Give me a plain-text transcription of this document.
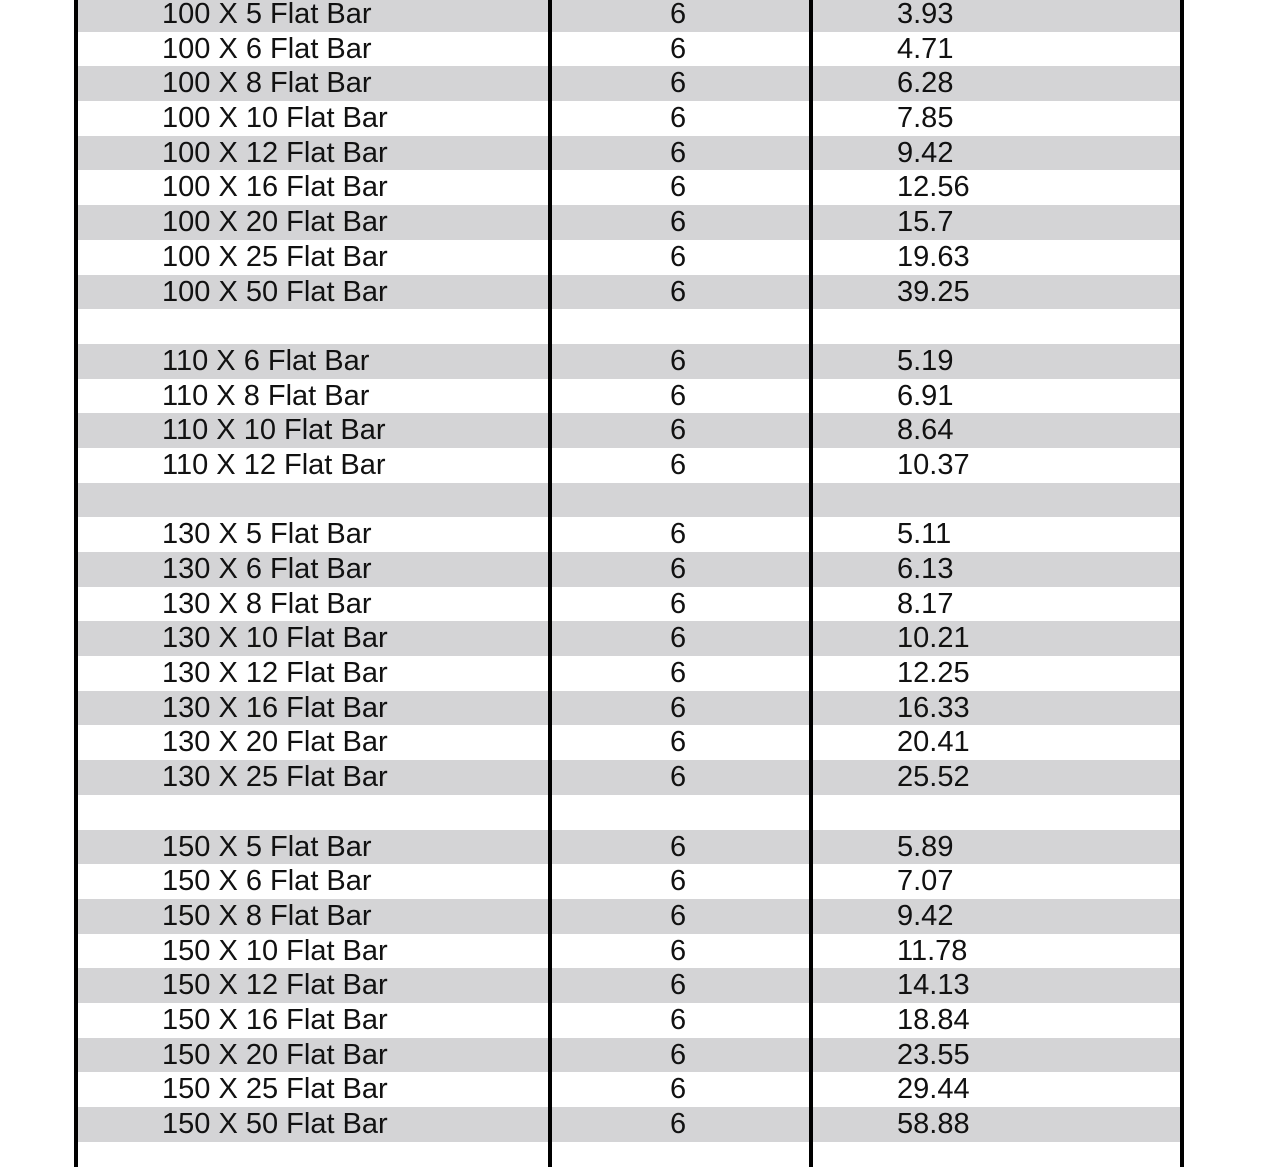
100 X 5 Flat Bar	6	3.93
100 X 6 Flat Bar	6	4.71
100 X 8 Flat Bar	6	6.28
100 X 10 Flat Bar	6	7.85
100 X 12 Flat Bar	6	9.42
100 X 16 Flat Bar	6	12.56
100 X 20 Flat Bar	6	15.7
100 X 25 Flat Bar	6	19.63
100 X 50 Flat Bar	6	39.25
110 X 6 Flat Bar	6	5.19
110 X 8 Flat Bar	6	6.91
110 X 10 Flat Bar	6	8.64
110 X 12 Flat Bar	6	10.37
130 X 5 Flat Bar	6	5.11
130 X 6 Flat Bar	6	6.13
130 X 8 Flat Bar	6	8.17
130 X 10 Flat Bar	6	10.21
130 X 12 Flat Bar	6	12.25
130 X 16 Flat Bar	6	16.33
130 X 20 Flat Bar	6	20.41
130 X 25 Flat Bar	6	25.52
150 X 5 Flat Bar	6	5.89
150 X 6 Flat Bar	6	7.07
150 X 8 Flat Bar	6	9.42
150 X 10 Flat Bar	6	11.78
150 X 12 Flat Bar	6	14.13
150 X 16 Flat Bar	6	18.84
150 X 20 Flat Bar	6	23.55
150 X 25 Flat Bar	6	29.44
150 X 50 Flat Bar	6	58.88
